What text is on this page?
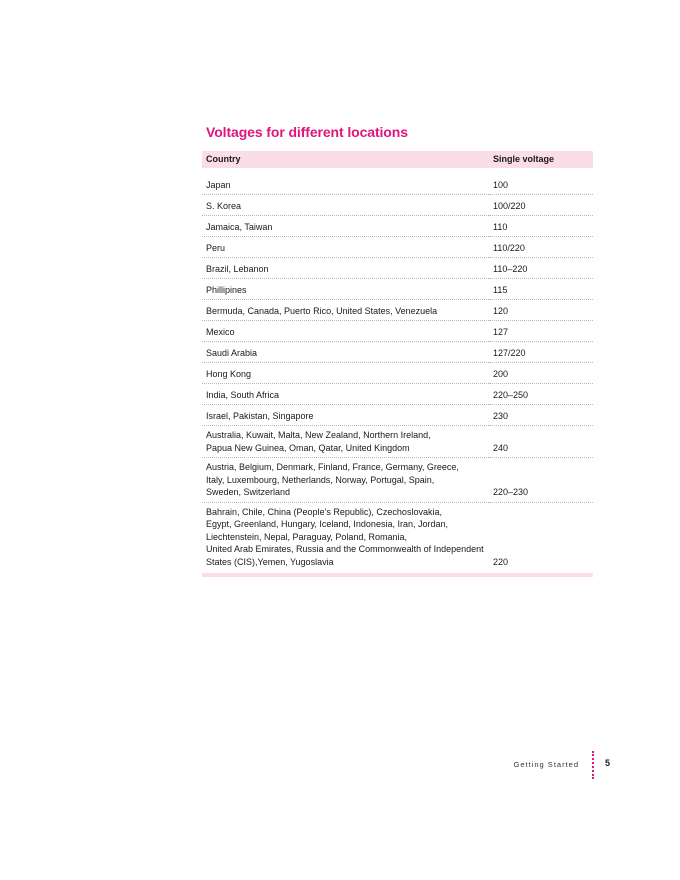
Voltages for different locations
Country	Single voltage

Japan	100

S. Korea	100/220

Jamaica, Taiwan	110

Peru	110/220

Brazil, Lebanon	110–220

Phillipines	115

Bermuda, Canada, Puerto Rico, United States, Venezuela	120

Mexico	127

Saudi Arabia	127/220

Hong Kong	200

India, South Africa	220–250

Israel, Pakistan, Singapore	230

Australia, Kuwait, Malta, New Zealand, Northern Ireland,
Papua New Guinea, Oman, Qatar, United Kingdom	240

Austria, Belgium, Denmark, Finland, France, Germany, Greece,
Italy, Luxembourg, Netherlands, Norway, Portugal, Spain,
Sweden, Switzerland	220–230

Bahrain, Chile, China (People’s Republic), Czechoslovakia,
Egypt, Greenland, Hungary, Iceland, Indonesia, Iran, Jordan,
Liechtenstein, Nepal, Paraguay, Poland, Romania,
United Arab Emirates, Russia and the Commonwealth of Independent
States (CIS),Yemen, Yugoslavia	220
Getting Started	5
